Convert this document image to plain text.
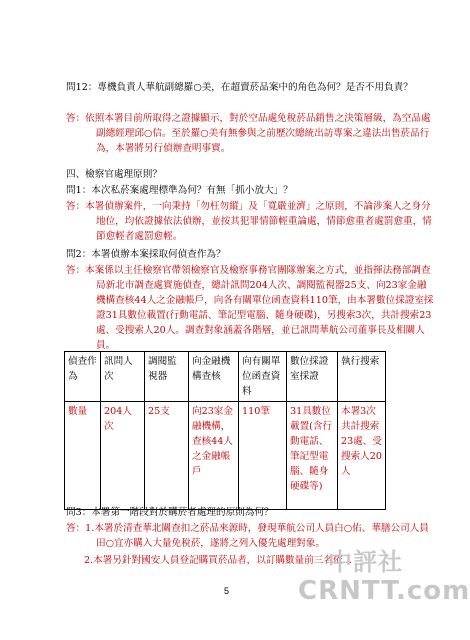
問12：專機負責人華航副總羅○美，在超賣菸品案中的角色為何？是否不用負責？
答：依照本署目前所取得之證據顯示，對於空品處免稅菸品銷售之決策層級，為空品處副總經理邱○信。至於羅○美有無參與之前歷次總統出訪專案之違法出售菸品行為，本署將另行偵辦查明事實。
四、檢察官處理原則？
問1：本次私菸案處理標準為何？有無「抓小放大」？
答：本署偵辦案件，一向秉持「勿枉勿縱」及「寬嚴並濟」之原則，不論涉案人之身分地位，均依證據依法偵辦，並按其犯罪情節輕重論處，情節愈重者處罰愈重，情節愈輕者處罰愈輕。
問2：本署偵辦本案採取何偵查作為？
答：本案係以主任檢察官帶領檢察官及檢察事務官團隊辦案之方式，並指揮法務部調查局新北市調查處實施偵查，總計訊問204人次、調閱監視器25支、向23家金融機構查核44人之金融帳戶，向各有關單位函查資料110筆，由本署數位採證室採證31具數位載置(行動電話、筆記型電腦、隨身硬碟)，另搜索3次，共計搜索23處、受搜索人20人。調查對象涵蓋各階層，並已訊問華航公司董事長及相關人員。
偵查作為	訊問人次	調閱監視器	向金融機構查核	向有關單位函查資料	數位採證室採證	執行搜索
數量	204人次	25支	向23家金融機構，查核44人之金融帳戶	110筆	31具數位載置(含行動電話、筆記型電腦、隨身硬碟等)	本署3次共計搜索23處、受搜索人20人
問3：本署第一階段對於購菸者處理的原則為何？
答：1.本署於清查華北關查扣之菸品來源時，發現華航公司人員白○佑、華膳公司人員田○宜亦購入大量免稅菸，遂將之列入優先處理對象。
2.本署另針對國安人員登記購買菸品者，以訂購數量前三名依...
5
中評社
CRNTT.com
